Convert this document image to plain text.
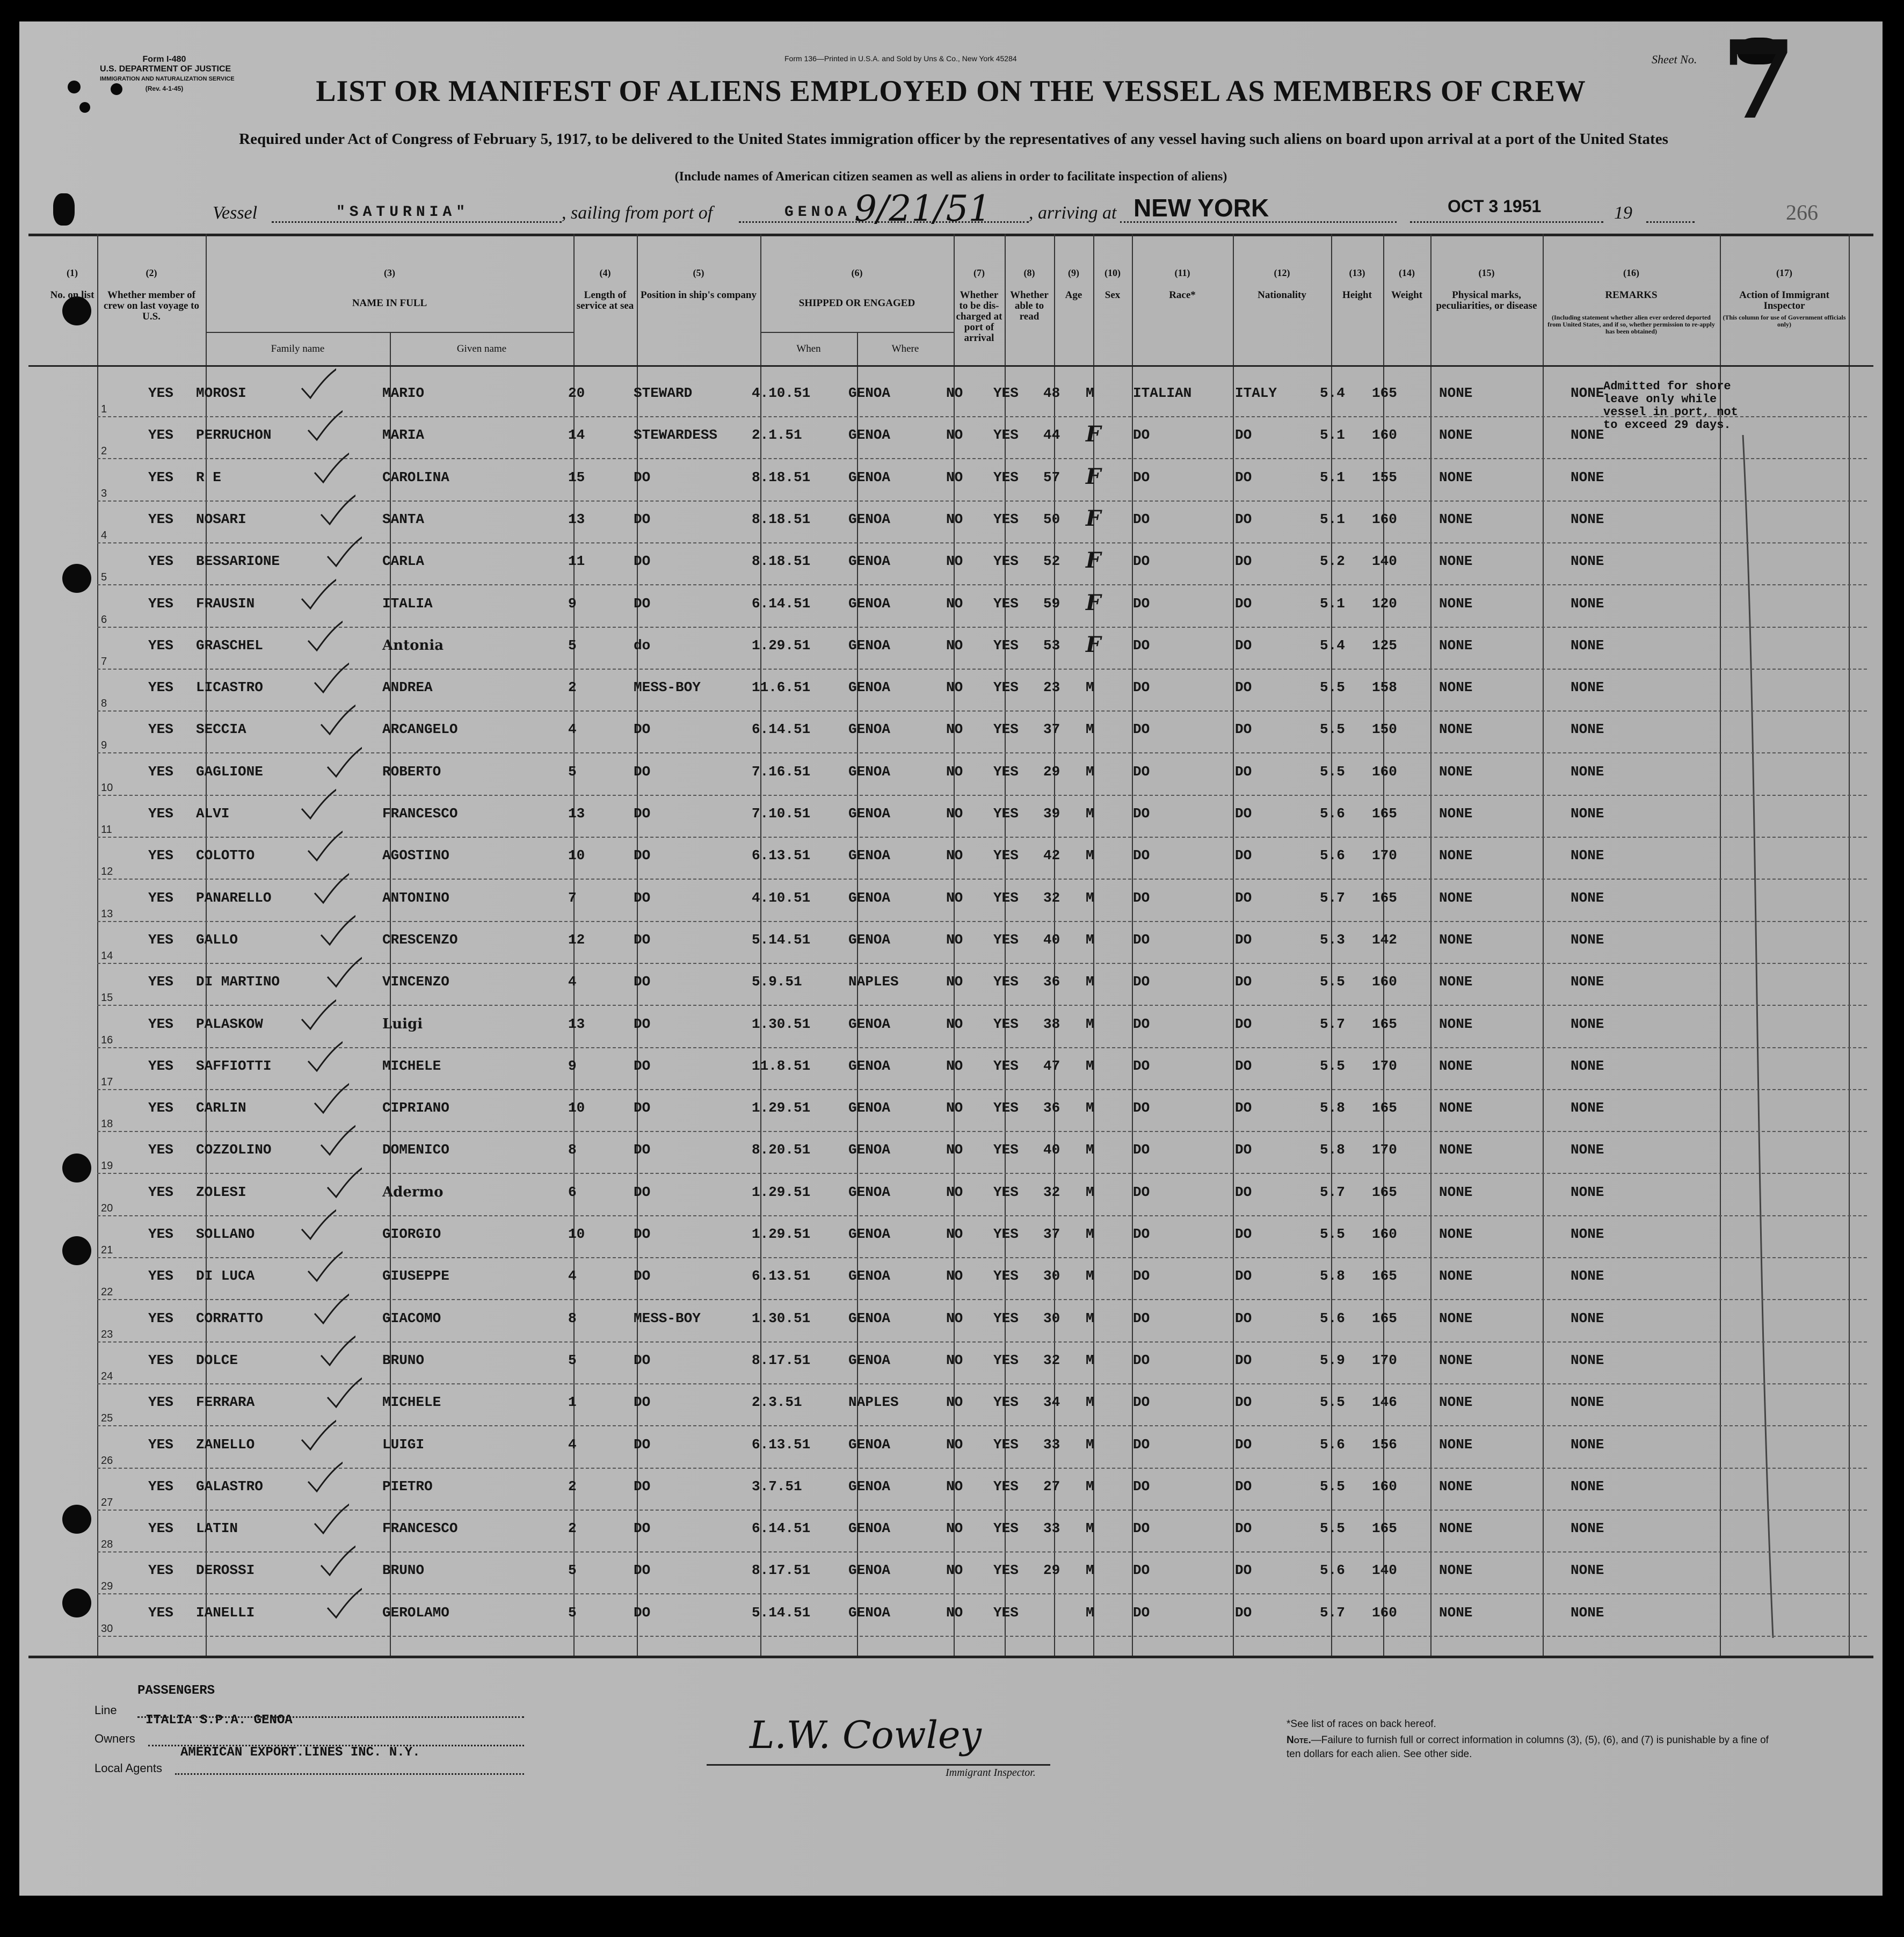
Form I-480
U.S. DEPARTMENT OF JUSTICE
IMMIGRATION AND NATURALIZATION SERVICE
(Rev. 4-1-45)
Form 136—Printed in U.S.A. and Sold by Uns & Co., New York 45284	Sheet No. 7
LIST OR MANIFEST OF ALIENS EMPLOYED ON THE VESSEL AS MEMBERS OF CREW
Required under Act of Congress of February 5, 1917, to be delivered to the United States immigration officer by the representatives of any vessel having such aliens on board upon arrival at a port of the United States
(Include names of American citizen seamen as well as aliens in order to facilitate inspection of aliens)
Vessel	"SATURNIA"	, sailing from port of	GENOA 9/21/51 , arriving at NEW YORK	OCT 3 1951	19	266
(1)
No. on list
(2)
Whether member of crew on last voyage to U.S.
(3)
NAME IN FULL
Family name	Given name
(4)
Length of service at sea
(5)
Position in ship's company
(6)
SHIPPED OR ENGAGED
When	Where
(7)
Whether to be dis-charged at port of arrival
(8)
Whether able to read
(9)
Age
(10)
Sex
(11)
Race*
(12)
Nationality
(13)
Height
(14)
Weight
(15)
Physical marks, peculiarities, or disease
(16)
REMARKS
(Including statement whether alien ever ordered deported from United States, and if so, whether permission to re-apply has been obtained)
(17)
Action of Immigrant Inspector
(This column for use of Government officials only)
Admitted for shore leave only while vessel in port, not to exceed 29 days.
1
YES MOROSI	MARIO	20	STEWARD	4.10.51	GENOA	NO YES 48 M	ITALIAN	ITALY	5.4 165	NONE	NONE
2
YES PERRUCHON	MARIA	14	STEWARDESS 2.1.51	GENOA	NO YES 44 F DO	DO	5.1 160	NONE	NONE
3
YES R E	CAROLINA	15	DO	8.18.51	GENOA	NO YES 57 F DO	DO	5.1 155	NONE	NONE
4
YES NOSARI	SANTA	13	DO	8.18.51	GENOA	NO YES 50 F DO	DO	5.1 160	NONE	NONE
5
YES BESSARIONE	CARLA	11	DO	8.18.51	GENOA	NO YES 52 F DO	DO	5.2 140	NONE	NONE
6
YES FRAUSIN	ITALIA	9	DO	6.14.51	GENOA	NO YES 59 F DO	DO	5.1 120	NONE	NONE
7
YES GRASCHEL	Antonia	5	do	1.29.51	GENOA	NO YES 53 F DO	DO	5.4 125	NONE	NONE
8
YES LICASTRO	ANDREA	2	MESS-BOY	11.6.51	GENOA	NO YES 23 M	DO	DO	5.5 158	NONE	NONE
9
YES SECCIA	ARCANGELO	4	DO	6.14.51	GENOA	NO YES 37 M	DO	DO	5.5 150	NONE	NONE
10
YES GAGLIONE	ROBERTO	5	DO	7.16.51	GENOA	NO YES 29 M	DO	DO	5.5 160	NONE	NONE
11
YES ALVI	FRANCESCO	13	DO	7.10.51	GENOA	NO YES 39 M	DO	DO	5.6 165	NONE	NONE
12
YES COLOTTO	AGOSTINO	10	DO	6.13.51	GENOA	NO YES 42 M	DO	DO	5.6 170	NONE	NONE
13
YES PANARELLO	ANTONINO	7	DO	4.10.51	GENOA	NO YES 32 M	DO	DO	5.7 165	NONE	NONE
14
YES GALLO	CRESCENZO	12	DO	5.14.51	GENOA	NO YES 40 M	DO	DO	5.3 142	NONE	NONE
15
YES DI MARTINO	VINCENZO	4	DO	5.9.51	NAPLES	NO YES 36 M	DO	DO	5.5 160	NONE	NONE
16
YES PALASKOW	Luigi	13	DO	1.30.51	GENOA	NO YES 38 M	DO	DO	5.7 165	NONE	NONE
17
YES SAFFIOTTI	MICHELE	9	DO	11.8.51	GENOA	NO YES 47 M	DO	DO	5.5 170	NONE	NONE
18
YES CARLIN	CIPRIANO	10	DO	1.29.51	GENOA	NO YES 36 M	DO	DO	5.8 165	NONE	NONE
19
YES COZZOLINO	DOMENICO	8	DO	8.20.51	GENOA	NO YES 40 M	DO	DO	5.8 170	NONE	NONE
20
YES ZOLESI	Adermo	6	DO	1.29.51	GENOA	NO YES 32 M	DO	DO	5.7 165	NONE	NONE
21
YES SOLLANO	GIORGIO	10	DO	1.29.51	GENOA	NO YES 37 M	DO	DO	5.5 160	NONE	NONE
22
YES DI LUCA	GIUSEPPE	4	DO	6.13.51	GENOA	NO YES 30 M	DO	DO	5.8 165	NONE	NONE
23
YES CORRATTO	GIACOMO	8	MESS-BOY	1.30.51	GENOA	NO YES 30 M	DO	DO	5.6 165	NONE	NONE
24
YES DOLCE	BRUNO	5	DO	8.17.51	GENOA	NO YES 32 M	DO	DO	5.9 170	NONE	NONE
25
YES FERRARA	MICHELE	1	DO	2.3.51	NAPLES	NO YES 34 M	DO	DO	5.5 146	NONE	NONE
26
YES ZANELLO	LUIGI	4	DO	6.13.51	GENOA	NO YES 33 M	DO	DO	5.6 156	NONE	NONE
27
YES GALASTRO	PIETRO	2	DO	3.7.51	GENOA	NO YES 27 M	DO	DO	5.5 160	NONE	NONE
28
YES LATIN	FRANCESCO	2	DO	6.14.51	GENOA	NO YES 33 M	DO	DO	5.5 165	NONE	NONE
29
YES DEROSSI	BRUNO	5	DO	8.17.51	GENOA	NO YES 29 M	DO	DO	5.6 140	NONE	NONE
30
YES IANELLI	GEROLAMO	5	DO	5.14.51	GENOA	NO YES	M	DO	DO	5.7 160	NONE	NONE
PASSENGERS
Line
ITALIA S.P.A. GENOA
Owners
Local Agents
AMERICAN EXPORT.LINES INC. N.Y.	L.W. Cowley
Immigrant Inspector.
*See list of races on back hereof.
Note.—Failure to furnish full or correct information in columns (3), (5), (6), and (7) is punishable by a fine of ten dollars for each alien. See other side.
